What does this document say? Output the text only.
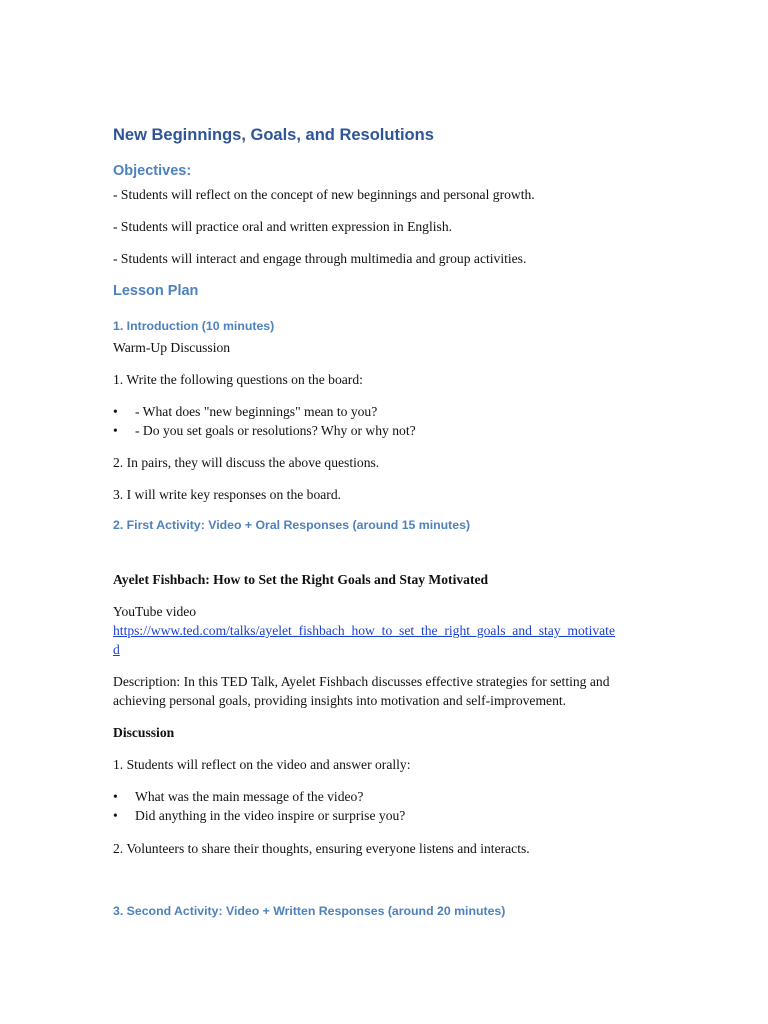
New Beginnings, Goals, and Resolutions
Objectives:

- Students will reflect on the concept of new beginnings and personal growth.

- Students will practice oral and written expression in English.

- Students will interact and engage through multimedia and group activities.

Lesson Plan
1. Introduction (10 minutes)

Warm-Up Discussion

1. Write the following questions on the board:

• - What does "new beginnings" mean to you?
• - Do you set goals or resolutions? Why or why not?

2. In pairs, they will discuss the above questions.

3. I will write key responses on the board.

2. First Activity: Video + Oral Responses (around 15 minutes)

Ayelet Fishbach: How to Set the Right Goals and Stay Motivated

YouTube video

https://www.ted.com/talks/ayelet_fishbach_how_to_set_the_right_goals_and_stay_motivate
d

Description: In this TED Talk, Ayelet Fishbach discusses effective strategies for setting and

achieving personal goals, providing insights into motivation and self-improvement.

Discussion

1. Students will reflect on the video and answer orally:

• What was the main message of the video?
• Did anything in the video inspire or surprise you?

2. Volunteers to share their thoughts, ensuring everyone listens and interacts.

3. Second Activity: Video + Written Responses (around 20 minutes)
